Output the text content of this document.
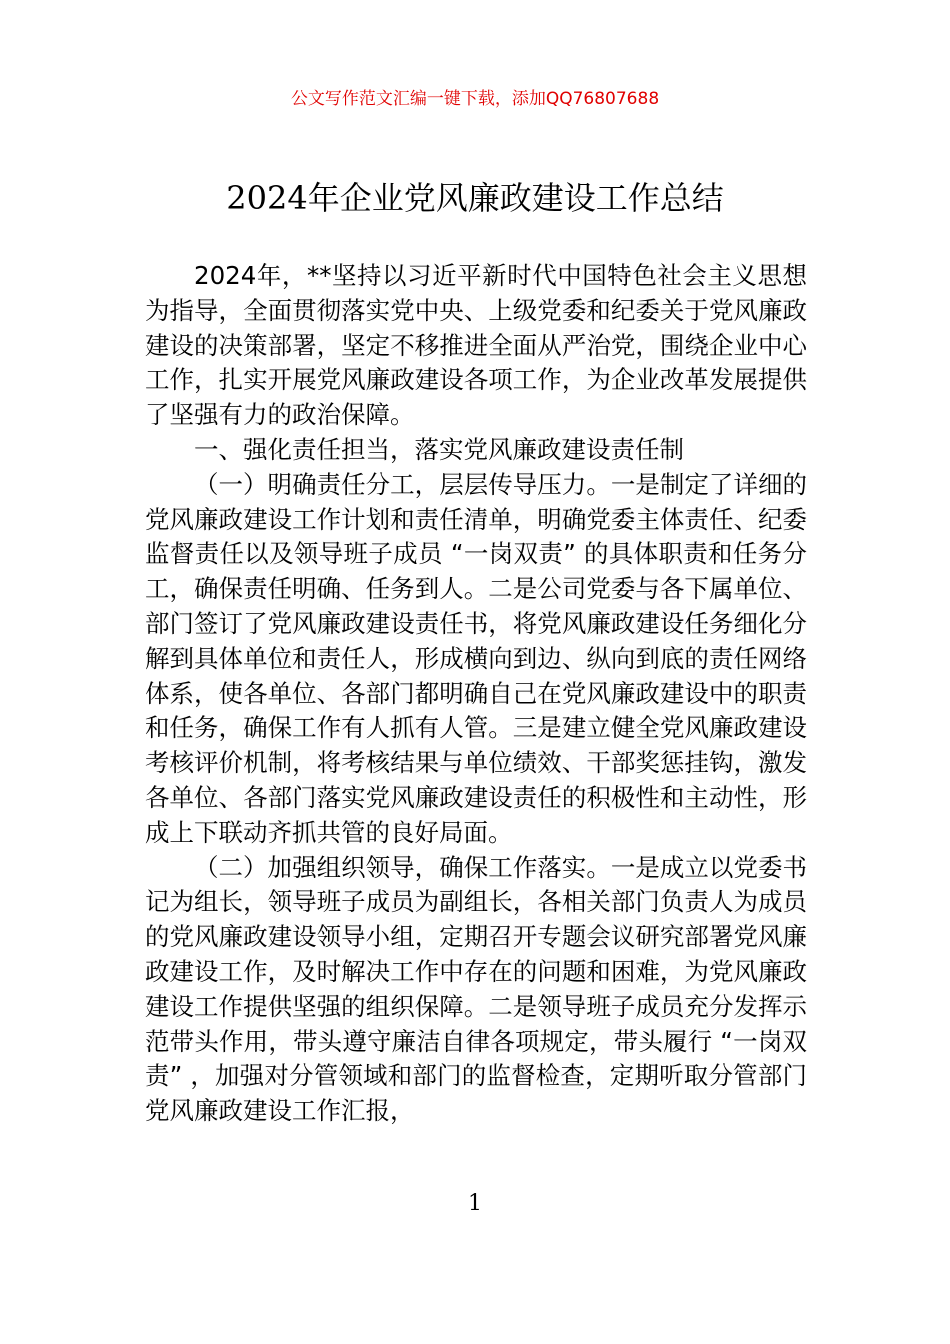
公文写作范文汇编一键下载，添加QQ76807688
2024年企业党风廉政建设工作总结

2024年，**坚持以习近平新时代中国特色社会主义思想为指导，全面贯彻落实党中央、上级党委和纪委关于党风廉政建设的决策部署，坚定不移推进全面从严治党，围绕企业中心工作，扎实开展党风廉政建设各项工作，为企业改革发展提供了坚强有力的政治保障。

一、强化责任担当，落实党风廉政建设责任制

（一）明确责任分工，层层传导压力。一是制定了详细的党风廉政建设工作计划和责任清单，明确党委主体责任、纪委监督责任以及领导班子成员 “一岗双责” 的具体职责和任务分工，确保责任明确、任务到人。二是公司党委与各下属单位、部门签订了党风廉政建设责任书，将党风廉政建设任务细化分解到具体单位和责任人，形成横向到边、纵向到底的责任网络体系，使各单位、各部门都明确自己在党风廉政建设中的职责和任务，确保工作有人抓有人管。三是建立健全党风廉政建设考核评价机制，将考核结果与单位绩效、干部奖惩挂钩，激发各单位、各部门落实党风廉政建设责任的积极性和主动性，形成上下联动齐抓共管的良好局面。

（二）加强组织领导，确保工作落实。一是成立以党委书记为组长，领导班子成员为副组长，各相关部门负责人为成员的党风廉政建设领导小组，定期召开专题会议研究部署党风廉政建设工作，及时解决工作中存在的问题和困难，为党风廉政建设工作提供坚强的组织保障。二是领导班子成员充分发挥示范带头作用，带头遵守廉洁自律各项规定，带头履行 “一岗双责” ，加强对分管领域和部门的监督检查，定期听取分管部门党风廉政建设工作汇报，

1
